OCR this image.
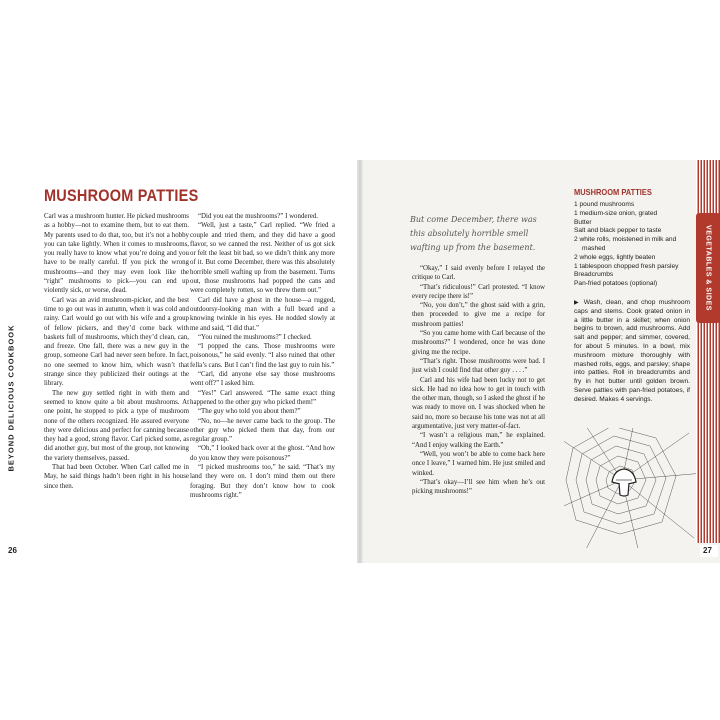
BEYOND DELICIOUS COOKBOOK
MUSHROOM PATTIES

Carl was a mushroom hunter. He picked mushrooms as a hobby—not to examine them, but to eat them. My parents used to do that, too, but it’s not a hobby you can take lightly. When it comes to mushrooms, you really have to know what you’re doing and you have to be really careful. If you pick the wrong mushrooms—and they may even look like the “right” mushrooms to pick—you can end up violently sick, or worse, dead.

Carl was an avid mushroom-picker, and the best time to go out was in autumn, when it was cold and rainy. Carl would go out with his wife and a group of fellow pickers, and they’d come back with baskets full of mushrooms, which they’d clean, can, and freeze. One fall, there was a new guy in the group, someone Carl had never seen before. In fact, no one seemed to know him, which wasn’t that strange since they publicized their outings at the library.

The new guy settled right in with them and seemed to know quite a bit about mushrooms. At one point, he stopped to pick a type of mushroom none of the others recognized. He assured everyone they were delicious and perfect for canning because they had a good, strong flavor. Carl picked some, as did another guy, but most of the group, not knowing the variety themselves, passed.

That had been October. When Carl called me in May, he said things hadn’t been right in his house since then.

“Did you eat the mushrooms?” I wondered.

“Well, just a taste,” Carl replied. “We fried a couple and tried them, and they did have a good flavor, so we canned the rest. Neither of us got sick or felt the least bit bad, so we didn’t think any more of it. But come December, there was this absolutely horrible smell wafting up from the basement. Turns out, those mushrooms had popped the cans and were completely rotten, so we threw them out.”

Carl did have a ghost in the house—a rugged, outdoorsy-looking man with a full beard and a knowing twinkle in his eyes. He nodded slowly at me and said, “I did that.”

“You ruined the mushrooms?” I checked.

“I popped the cans. Those mushrooms were poisonous,” he said evenly. “I also ruined that other fella’s cans. But I can’t find the last guy to ruin his.”

“Carl, did anyone else say those mushrooms went off?” I asked him.

“Yes!” Carl answered. “The same exact thing happened to the other guy who picked them!”

“The guy who told you about them?”

“No, no—he never came back to the group. The other guy who picked them that day, from our regular group.”

“Oh,” I looked back over at the ghost. “And how do you know they were poisonous?”

“I picked mushrooms too,” he said. “That’s my land they were on. I don’t mind them out there foraging. But they don’t know how to cook mushrooms right.”

26
But come December, there was this absolutely horrible smell wafting up from the basement.

“Okay,” I said evenly before I relayed the critique to Carl.

“That’s ridiculous!” Carl protested. “I know every recipe there is!”

“No, you don’t,” the ghost said with a grin, then proceeded to give me a recipe for mushroom patties!

“So you came home with Carl because of the mushrooms?” I wondered, once he was done giving me the recipe.

“That’s right. Those mushrooms were bad. I just wish I could find that other guy . . . .”

Carl and his wife had been lucky not to get sick. He had no idea how to get in touch with the other man, though, so I asked the ghost if he was ready to move on. I was shocked when he said no, more so because his tone was not at all argumentative, just very matter-of-fact.

“I wasn’t a religious man,” he explained. “And I enjoy walking the Earth.”

“Well, you won’t be able to come back here once I leave,” I warned him. He just smiled and winked.

“That’s okay—I’ll see him when he’s out picking mushrooms!”

MUSHROOM PATTIES
1 pound mushrooms
1 medium-size onion, grated
Butter
Salt and black pepper to taste
2 white rolls, moistened in milk and mashed
2 whole eggs, lightly beaten
1 tablespoon chopped fresh parsley
Breadcrumbs
Pan-fried potatoes (optional)
▶ Wash, clean, and chop mushroom caps and stems. Cook grated onion in a little butter in a skillet; when onion begins to brown, add mushrooms. Add salt and pepper; and simmer, covered, for about 5 minutes. In a bowl, mix mushroom mixture thoroughly with mashed rolls, eggs, and parsley; shape into patties. Roll in breadcrumbs and fry in hot butter until golden brown. Serve patties with pan-fried potatoes, if desired. Makes 4 servings.
VEGETABLES & SIDES
27
